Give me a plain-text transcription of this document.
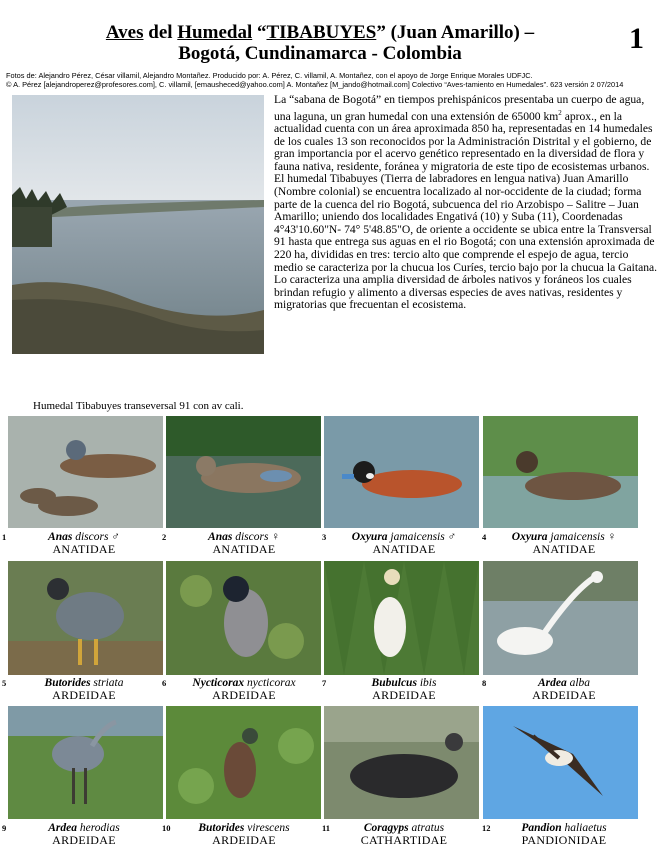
Aves del Humedal “TIBABUYES” (Juan Amarillo) –
Bogotá, Cundinamarca - Colombia	1
Fotos de: Alejandro Pérez, César villamil, Alejandro Montañez. Producido por: A. Pérez, C. villamil, A. Montañez, con el apoyo de Jorge Enrique Morales UDFJC.
© A. Pérez [alejandroperez@profesores.com], C. villamil, [emausheced@yahoo.com] A. Montañez [M_jando@hotmail.com] Colectivo “Aves-tamiento en Humedales”. 623 versión 2 07/2014

La “sabana de Bogotá” en tiempos prehispánicos presentaba un cuerpo de agua, una laguna, un gran humedal con una extensión de 65000 $km^2$ aprox., en la actualidad cuenta con un área aproximada 850 ha, representadas en 14 humedales de los cuales 13 son reconocidos por la Administración Distrital y el gobierno, de gran importancia por el acervo genético representado en la diversidad de flora y fauna nativa, residente, foránea y migratoria de este tipo de ecosistemas urbanos.

El humedal Tibabuyes (Tierra de labradores en lengua nativa) Juan Amarillo (Nombre colonial) se encuentra localizado al nor-occidente de la ciudad; forma parte de la cuenca del rio Bogotá, subcuenca del rio Arzobispo – Salitre – Juan Amarillo; uniendo dos localidades Engativá (10) y Suba (11), Coordenadas 4°43'10.60"N- 74° 5'48.85"O, de oriente a occidente se ubica entre la Transversal 91 hasta que entrega sus aguas en el rio Bogotá; con una extensión aproximada de 220 ha, divididas en tres: tercio alto que comprende el espejo de agua, tercio medio se caracteriza por la chucua los Curíes, tercio bajo por la chucua la Gaitana. Lo caracteriza una amplia diversidad de árboles nativos y foráneos los cuales brindan refugio y alimento a diversas especies de aves nativas, residentes y migratorias que frecuentan el ecosistema.

Humedal Tibabuyes transeversal 91 con av cali.
1	Anas discors ♂
ANATIDAE
2	Anas discors ♀
ANATIDAE
3	Oxyura jamaicensis ♂
ANATIDAE
4	Oxyura jamaicensis ♀
ANATIDAE
5	Butorides striata
ARDEIDAE
6	Nycticorax nycticorax
ARDEIDAE
7	Bubulcus ibis
ARDEIDAE
8	Ardea alba
ARDEIDAE
9	Ardea herodias
ARDEIDAE
10	Butorides virescens
ARDEIDAE
11	Coragyps atratus
CATHARTIDAE
12	Pandion haliaetus
PANDIONIDAE
